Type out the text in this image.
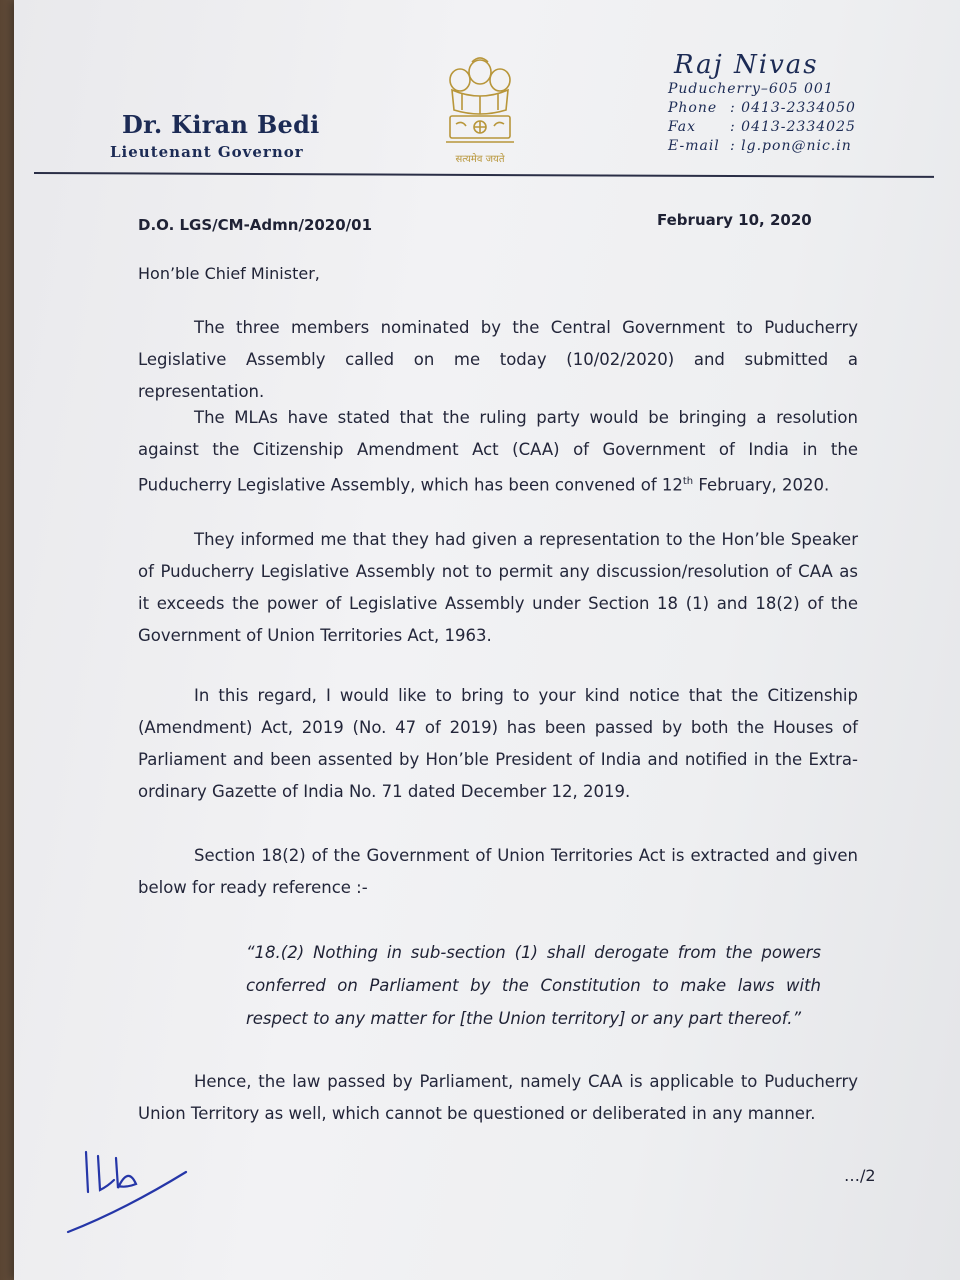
Dr. Kiran Bedi
Lieutenant Governor	सत्यमेव जयते
Raj Nivas
Puducherry–605 001
Phone : 0413-2334050
Fax : 0413-2334025
E-mail : lg.pon@nic.in
D.O. LGS/CM-Admn/2020/01	February 10, 2020
Hon’ble Chief Minister,
The three members nominated by the Central Government to Puducherry Legislative Assembly called on me today (10/02/2020) and submitted a representation.
The MLAs have stated that the ruling party would be bringing a resolution against the Citizenship Amendment Act (CAA) of Government of India in the Puducherry Legislative Assembly, which has been convened of 12th February, 2020.
They informed me that they had given a representation to the Hon’ble Speaker of Puducherry Legislative Assembly not to permit any discussion/resolution of CAA as it exceeds the power of Legislative Assembly under Section 18 (1) and 18(2) of the Government of Union Territories Act, 1963.
In this regard, I would like to bring to your kind notice that the Citizenship (Amendment) Act, 2019 (No. 47 of 2019) has been passed by both the Houses of Parliament and been assented by Hon’ble President of India and notified in the Extra-ordinary Gazette of India No. 71 dated December 12, 2019.
Section 18(2) of the Government of Union Territories Act is extracted and given below for ready reference :-
“18.(2) Nothing in sub-section (1) shall derogate from the powers conferred on Parliament by the Constitution to make laws with respect to any matter for [the Union territory] or any part thereof.”
Hence, the law passed by Parliament, namely CAA is applicable to Puducherry Union Territory as well, which cannot be questioned or deliberated in any manner.
…/2
